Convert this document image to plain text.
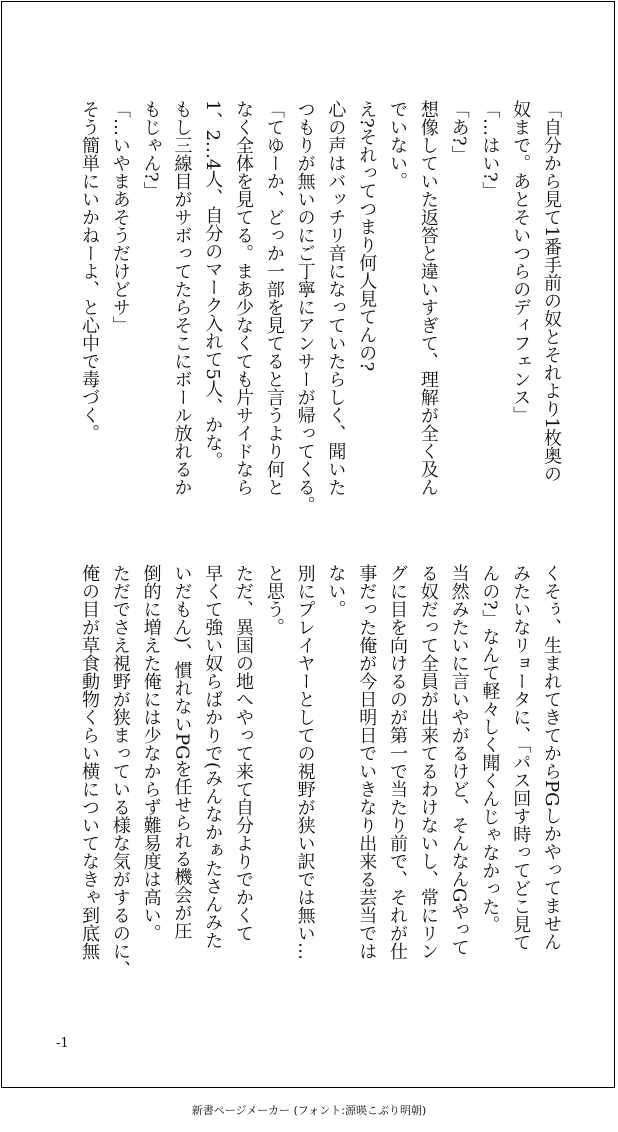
「自分から見て1番手前の奴とそれより1枚奥の
奴まで。あとそいつらのディフェンス」
「…はい?」
「あ?」
想像していた返答と違いすぎて、理解が全く及ん
でいない。
え?それってつまり何人見てんの?
心の声はバッチリ音になっていたらしく、聞いた
つもりが無いのにご丁寧にアンサーが帰ってくる。
「てゆーか、どっか一部を見てると言うより何と
なく全体を見てる。まあ少なくても片サイドなら
1、2…4人、自分のマーク入れて5人、かな。
もし三線目がサボってたらそこにボール放れるか
もじゃん?」
「…いやまあそうだけどサ」
そう簡単にいかねーよ、と心中で毒づく。
くそぅ、生まれてきてからPGしかやってません
みたいなリョータに、「パス回す時ってどこ見て
んの?」なんて軽々しく聞くんじゃなかった。
当然みたいに言いやがるけど、そんなんGやって
る奴だって全員が出来てるわけないし、常にリン
グに目を向けるのが第一で当たり前で、それが仕
事だった俺が今日明日でいきなり出来る芸当では
ない。
別にプレイヤーとしての視野が狭い訳では無い…
と思う。
ただ、異国の地へやって来て自分よりでかくて
早くて強い奴らばかりで(みんなかぁたさんみた
いだもん)、慣れないPGを任せられる機会が圧
倒的に増えた俺には少なからず難易度は高い。
ただでさえ視野が狭まっている様な気がするのに、
俺の目が草食動物くらい横についてなきゃ到底無
-1
新書ページメーカー (フォント:源暎こぶり明朝)
